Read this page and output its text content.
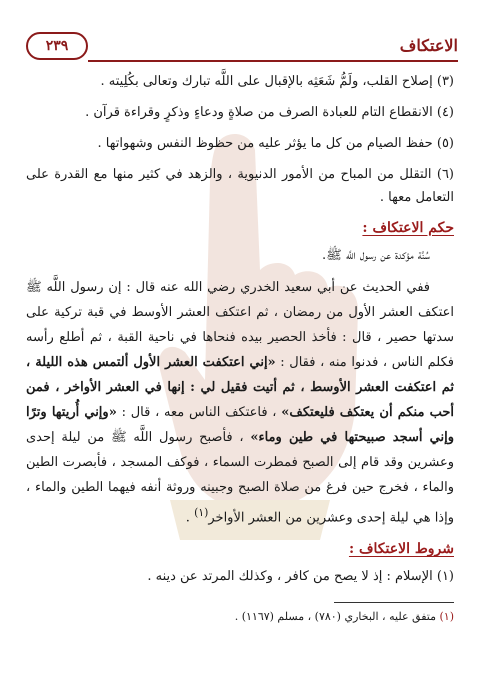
الاعتكاف
٢٣٩

(٣) إصلاح القلب، ولَمُّ شَعَثِه بالإقبال على اللَّه تبارك وتعالى بكُلِيته .

(٤) الانقطاع التام للعبادة الصرف من صلاةٍ ودعاءٍ وذكرٍ وقراءة قرآن .

(٥) حفظ الصيام من كل ما يؤثر عليه من حظوظ النفس وشهواتها .

(٦) التقلل من المباح من الأمور الدنيوية ، والزهد في كثير منها مع القدرة على التعامل معها .

حكم الاعتكاف :

سُنَّة مؤكدة عن رسول اللَّه ﷺ.

ففي الحديث عن أبي سعيد الخدري رضي الله عنه قال : إن رسول اللَّه ﷺ اعتكف العشر الأول من رمضان ، ثم اعتكف العشر الأوسط في قبة تركية على سدتها حصير ، قال : فأخذ الحصير بيده فنحاها في ناحية القبة ، ثم أطلع رأسه فكلم الناس ، فدنوا منه ، فقال : «إني اعتكفت العشر الأول ألتمس هذه الليلة ، ثم اعتكفت العشر الأوسط ، ثم أتيت فقيل لي : إنها في العشر الأواخر ، فمن أحب منكم أن يعتكف فليعتكف» ، فاعتكف الناس معه ، قال : «وإني أُريتها وترًا وإني أسجد صبيحتها في طين وماء» ، فأصبح رسول اللَّه ﷺ من ليلة إحدى وعشرين وقد قام إلى الصبح فمطرت السماء ، فوكف المسجد ، فأبصرت الطين والماء ، فخرج حين فرغ من صلاة الصبح وجبينه وروثة أنفه فيهما الطين والماء ، وإذا هي ليلة إحدى وعشرين من العشر الأواخر$^{(١)}$ .

شروط الاعتكاف :

(١) الإسلام : إذ لا يصح من كافر ، وكذلك المرتد عن دينه .

(١) متفق عليه ، البخاري (٧٨٠) ، مسلم (١١٦٧) .
